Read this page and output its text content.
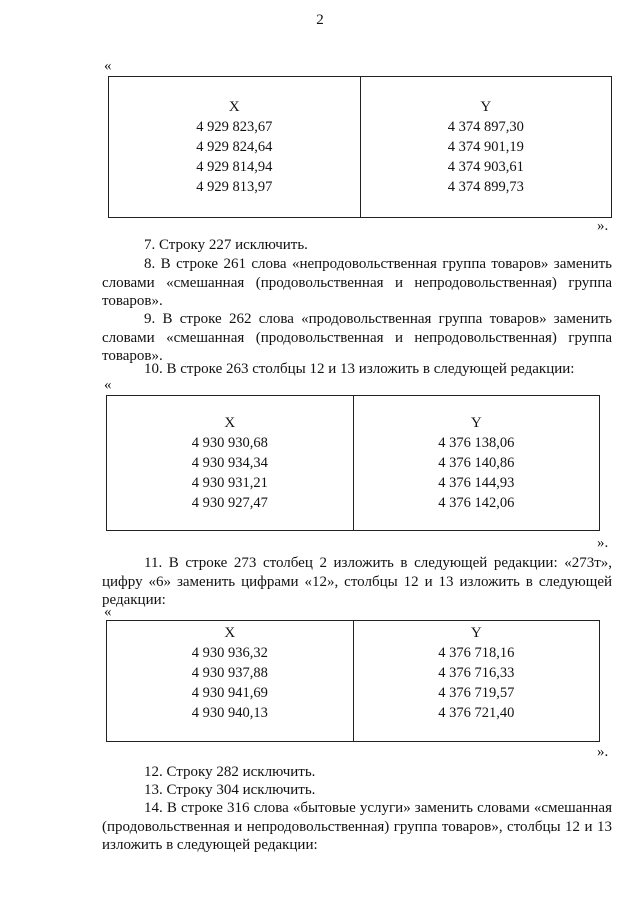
2
«
X
4 929 823,67
4 929 824,64
4 929 814,94
4 929 813,97
Y
4 374 897,30
4 374 901,19
4 374 903,61
4 374 899,73
».

7. Строку 227 исключить.

8. В строке 261 слова «непродовольственная группа товаров» заменить словами «смешанная (продовольственная и непродовольственная) группа товаров».

9. В строке 262 слова «продовольственная группа товаров» заменить словами «смешанная (продовольственная и непродовольственная) группа товаров».

10. В строке 263 столбцы 12 и 13 изложить в следующей редакции:

«
X
4 930 930,68
4 930 934,34
4 930 931,21
4 930 927,47
Y
4 376 138,06
4 376 140,86
4 376 144,93
4 376 142,06
».

11. В строке 273 столбец 2 изложить в следующей редакции: «273т», цифру «6» заменить цифрами «12», столбцы 12 и 13 изложить в следующей редакции:

«
X
4 930 936,32
4 930 937,88
4 930 941,69
4 930 940,13
Y
4 376 718,16
4 376 716,33
4 376 719,57
4 376 721,40
».

12. Строку 282 исключить.

13. Строку 304 исключить.

14. В строке 316 слова «бытовые услуги» заменить словами «смешанная (продовольственная и непродовольственная) группа товаров», столбцы 12 и 13 изложить в следующей редакции:
